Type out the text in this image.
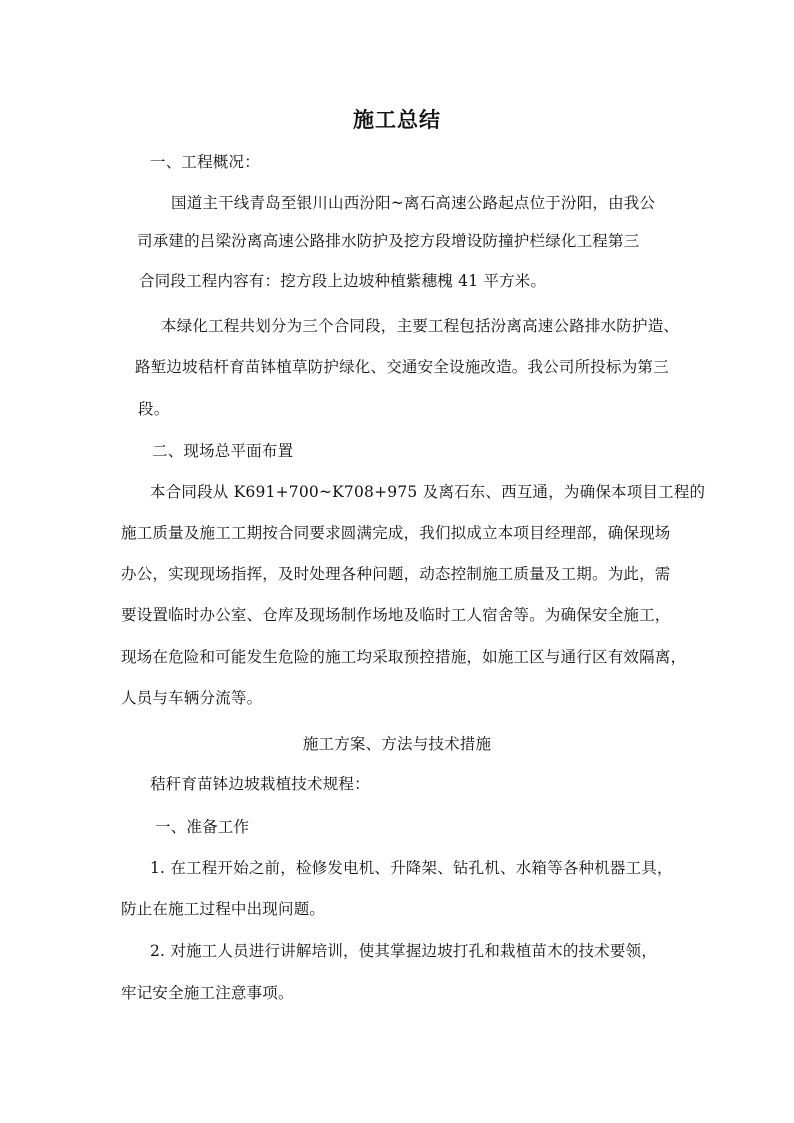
施工总结
一、工程概况：
国道主干线青岛至银川山西汾阳~离石高速公路起点位于汾阳，由我公
司承建的吕梁汾离高速公路排水防护及挖方段增设防撞护栏绿化工程第三
合同段工程内容有：挖方段上边坡种植紫穗槐 41 平方米。
本绿化工程共划分为三个合同段，主要工程包括汾离高速公路排水防护造、
路堑边坡秸杆育苗钵植草防护绿化、交通安全设施改造。我公司所投标为第三
段。
二、现场总平面布置
本合同段从 K691+700~K708+975 及离石东、西互通，为确保本项目工程的
施工质量及施工工期按合同要求圆满完成，我们拟成立本项目经理部，确保现场
办公，实现现场指挥，及时处理各种问题，动态控制施工质量及工期。为此，需
要设置临时办公室、仓库及现场制作场地及临时工人宿舍等。为确保安全施工，
现场在危险和可能发生危险的施工均采取预控措施，如施工区与通行区有效隔离，
人员与车辆分流等。
施工方案、方法与技术措施
秸秆育苗钵边坡栽植技术规程：
一、准备工作
1. 在工程开始之前，检修发电机、升降架、钻孔机、水箱等各种机器工具，
防止在施工过程中出现问题。
2. 对施工人员进行讲解培训，使其掌握边坡打孔和栽植苗木的技术要领，
牢记安全施工注意事项。
